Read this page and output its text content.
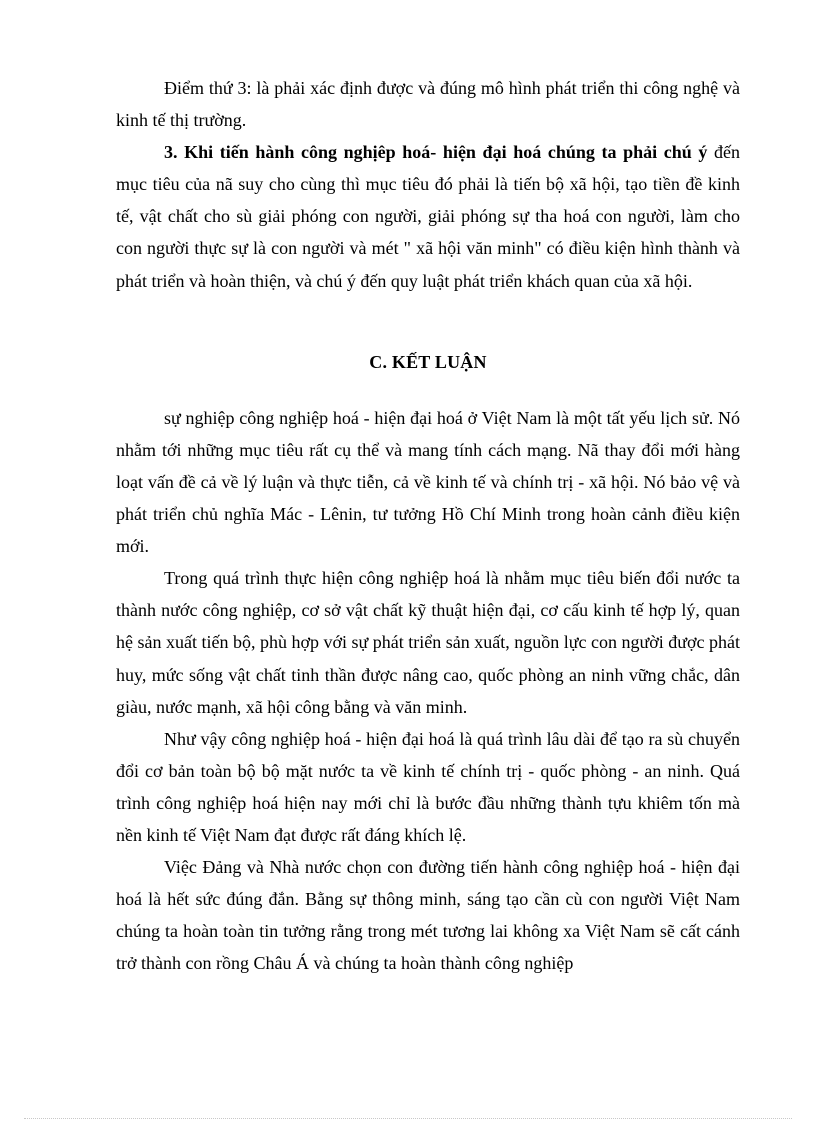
Điểm thứ 3: là phải xác định được và đúng mô hình phát triển thi công nghệ và kinh tế thị trường.

3. Khi tiến hành công nghịêp hoá- hiện đại hoá chúng ta phải chú ý đến mục tiêu của nã suy cho cùng thì mục tiêu đó phải là tiến bộ xã hội, tạo tiền đề kinh tế, vật chất cho sù giải phóng con người, giải phóng sự tha hoá con người, làm cho con người thực sự là con người và mét " xã hội văn minh" có điều kiện hình thành và phát triển và hoàn thiện, và chú ý đến quy luật phát triển khách quan của xã hội.

C. KẾT LUẬN

sự nghiệp công nghiệp hoá - hiện đại hoá ở Việt Nam là một tất yếu lịch sử. Nó nhằm tới những mục tiêu rất cụ thể và mang tính cách mạng. Nã thay đổi mới hàng loạt vấn đề cả về lý luận và thực tiễn, cả về kinh tế và chính trị - xã hội. Nó bảo vệ và phát triển chủ nghĩa Mác - Lênin, tư tưởng Hồ Chí Minh trong hoàn cảnh điều kiện mới.

Trong quá trình thực hiện công nghiệp hoá là nhằm mục tiêu biến đổi nước ta thành nước công nghiệp, cơ sở vật chất kỹ thuật hiện đại, cơ cấu kinh tế hợp lý, quan hệ sản xuất tiến bộ, phù hợp với sự phát triển sản xuất, nguồn lực con người được phát huy, mức sống vật chất tinh thần được nâng cao, quốc phòng an ninh vững chắc, dân giàu, nước mạnh, xã hội công bằng và văn minh.

Như vậy công nghiệp hoá - hiện đại hoá là quá trình lâu dài để tạo ra sù chuyển đổi cơ bản toàn bộ bộ mặt nước ta về kinh tế chính trị - quốc phòng - an ninh. Quá trình công nghiệp hoá hiện nay mới chỉ là bước đầu những thành tựu khiêm tốn mà nền kinh tế Việt Nam đạt được rất đáng khích lệ.

Việc Đảng và Nhà nước chọn con đường tiến hành công nghiệp hoá - hiện đại hoá là hết sức đúng đắn. Bằng sự thông minh, sáng tạo cần cù con người Việt Nam chúng ta hoàn toàn tin tưởng rằng trong mét tương lai không xa Việt Nam sẽ cất cánh trở thành con rồng Châu Á và chúng ta hoàn thành công nghiệp
